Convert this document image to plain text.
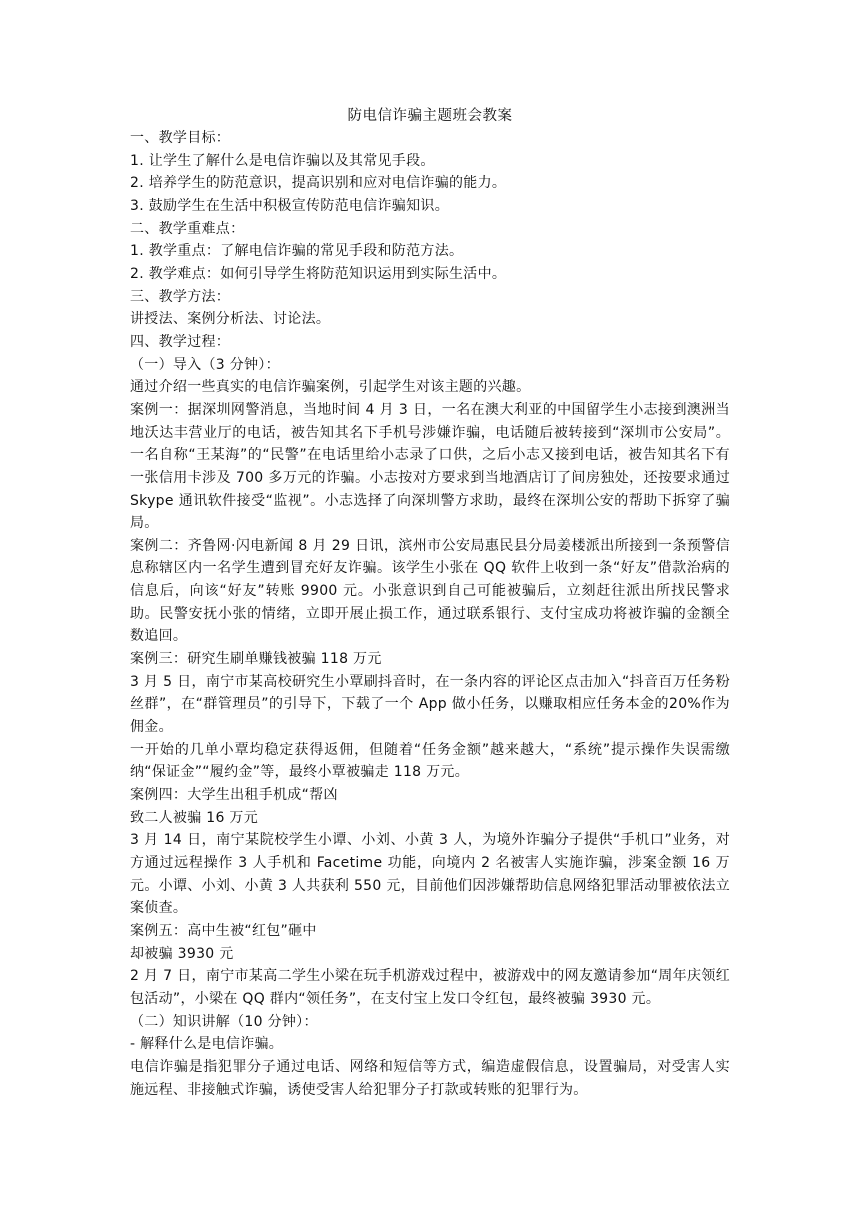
防电信诈骗主题班会教案

一、教学目标：

1. 让学生了解什么是电信诈骗以及其常见手段。

2. 培养学生的防范意识，提高识别和应对电信诈骗的能力。

3. 鼓励学生在生活中积极宣传防范电信诈骗知识。

二、教学重难点：

1. 教学重点：了解电信诈骗的常见手段和防范方法。

2. 教学难点：如何引导学生将防范知识运用到实际生活中。

三、教学方法：

讲授法、案例分析法、讨论法。

四、教学过程：

（一）导入（3 分钟）：

通过介绍一些真实的电信诈骗案例，引起学生对该主题的兴趣。

案例一：据深圳网警消息，当地时间 4 月 3 日，一名在澳大利亚的中国留学生小志接到澳洲当地沃达丰营业厅的电话，被告知其名下手机号涉嫌诈骗，电话随后被转接到“深圳市公安局”。一名自称“王某海”的“民警”在电话里给小志录了口供，之后小志又接到电话，被告知其名下有一张信用卡涉及 700 多万元的诈骗。小志按对方要求到当地酒店订了间房独处，还按要求通过 Skype 通讯软件接受“监视”。小志选择了向深圳警方求助，最终在深圳公安的帮助下拆穿了骗局。

案例二：齐鲁网·闪电新闻 8 月 29 日讯，滨州市公安局惠民县分局姜楼派出所接到一条预警信息称辖区内一名学生遭到冒充好友诈骗。该学生小张在 QQ 软件上收到一条“好友”借款治病的信息后，向该“好友”转账 9900 元。小张意识到自己可能被骗后，立刻赶往派出所找民警求助。民警安抚小张的情绪，立即开展止损工作，通过联系银行、支付宝成功将被诈骗的金额全数追回。

案例三：研究生刷单赚钱被骗 118 万元

3 月 5 日，南宁市某高校研究生小覃刷抖音时，在一条内容的评论区点击加入“抖音百万任务粉丝群”，在“群管理员”的引导下，下载了一个 App 做小任务，以赚取相应任务本金的20%作为佣金。

一开始的几单小覃均稳定获得返佣，但随着“任务金额”越来越大，“系统”提示操作失误需缴纳“保证金”“履约金”等，最终小覃被骗走 118 万元。

案例四：大学生出租手机成“帮凶

致二人被骗 16 万元

3 月 14 日，南宁某院校学生小谭、小刘、小黄 3 人，为境外诈骗分子提供“手机口”业务，对方通过远程操作 3 人手机和 Facetime 功能，向境内 2 名被害人实施诈骗，涉案金额 16 万元。小谭、小刘、小黄 3 人共获利 550 元，目前他们因涉嫌帮助信息网络犯罪活动罪被依法立案侦查。

案例五：高中生被“红包”砸中

却被骗 3930 元

2 月 7 日，南宁市某高二学生小梁在玩手机游戏过程中，被游戏中的网友邀请参加“周年庆领红包活动”，小梁在 QQ 群内“领任务”，在支付宝上发口令红包，最终被骗 3930 元。

（二）知识讲解（10 分钟）：

- 解释什么是电信诈骗。

电信诈骗是指犯罪分子通过电话、网络和短信等方式，编造虚假信息，设置骗局，对受害人实施远程、非接触式诈骗，诱使受害人给犯罪分子打款或转账的犯罪行为。
